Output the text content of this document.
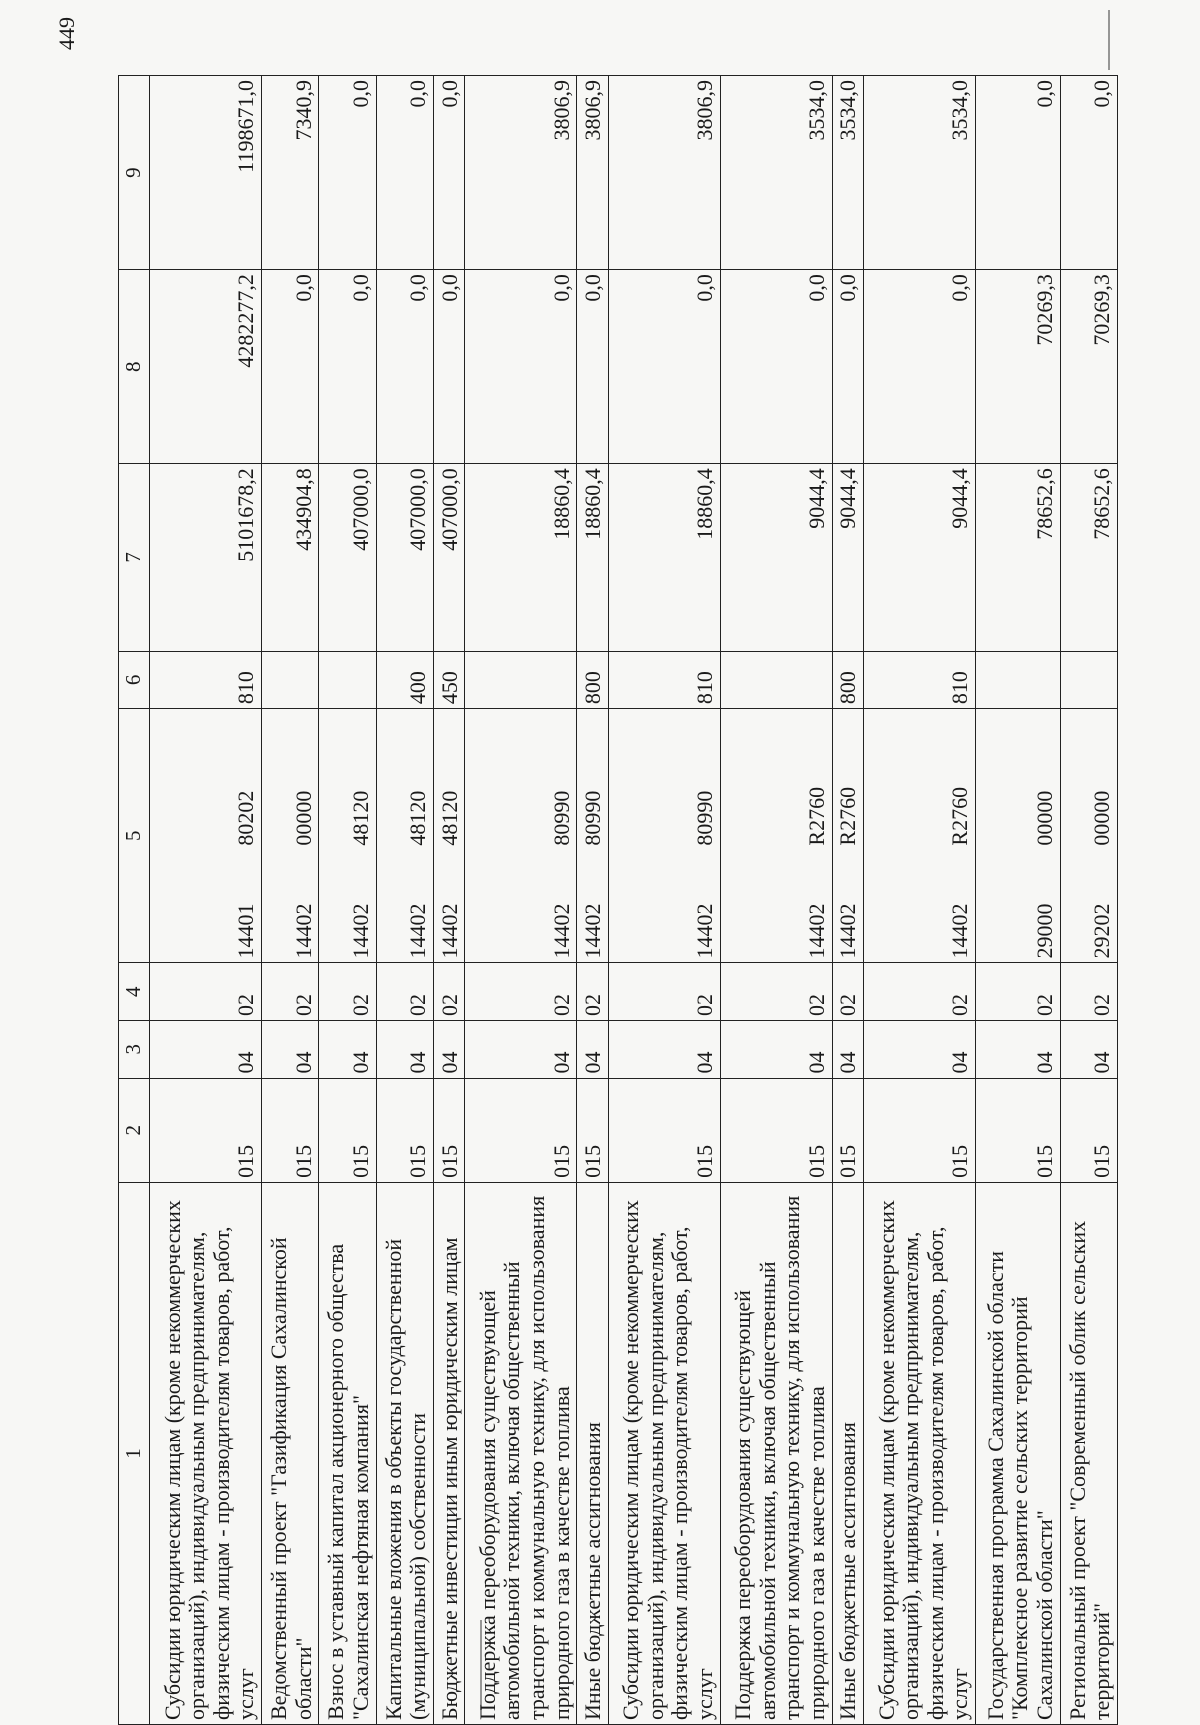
449
1	2	3	4	5	6	7	8	9
Субсидии юридическим лицам (кроме некоммерческих организаций), индивидуальным предпринимателям, физическим лицам - производителям товаров, работ, услуг	015	04	02	1440180202	810	5101678,2	4282277,2	1198671,0
Ведомственный проект "Газификация Сахалинской области"	015	04	02	1440200000		434904,8	0,0	7340,9
Взнос в уставный капитал акционерного общества "Сахалинская нефтяная компания"	015	04	02	1440248120		407000,0	0,0	0,0
Капитальные вложения в объекты государственной (муниципальной) собственности	015	04	02	1440248120	400	407000,0	0,0	0,0
Бюджетные инвестиции иным юридическим лицам	015	04	02	1440248120	450	407000,0	0,0	0,0
Поддержка переоборудования существующей автомобильной техники, включая общественный транспорт и коммунальную технику, для использования природного газа в качестве топлива	015	04	02	1440280990		18860,4	0,0	3806,9
Иные бюджетные ассигнования	015	04	02	1440280990	800	18860,4	0,0	3806,9
Субсидии юридическим лицам (кроме некоммерческих организаций), индивидуальным предпринимателям, физическим лицам - производителям товаров, работ, услуг	015	04	02	1440280990	810	18860,4	0,0	3806,9
Поддержка переоборудования существующей автомобильной техники, включая общественный транспорт и коммунальную технику, для использования природного газа в качестве топлива	015	04	02	14402R2760		9044,4	0,0	3534,0
Иные бюджетные ассигнования	015	04	02	14402R2760	800	9044,4	0,0	3534,0
Субсидии юридическим лицам (кроме некоммерческих организаций), индивидуальным предпринимателям, физическим лицам - производителям товаров, работ, услуг	015	04	02	14402R2760	810	9044,4	0,0	3534,0
Государственная программа Сахалинской области "Комплексное развитие сельских территорий Сахалинской области"	015	04	02	2900000000		78652,6	70269,3	0,0
Региональный проект "Современный облик сельских территорий"	015	04	02	2920200000		78652,6	70269,3	0,0
